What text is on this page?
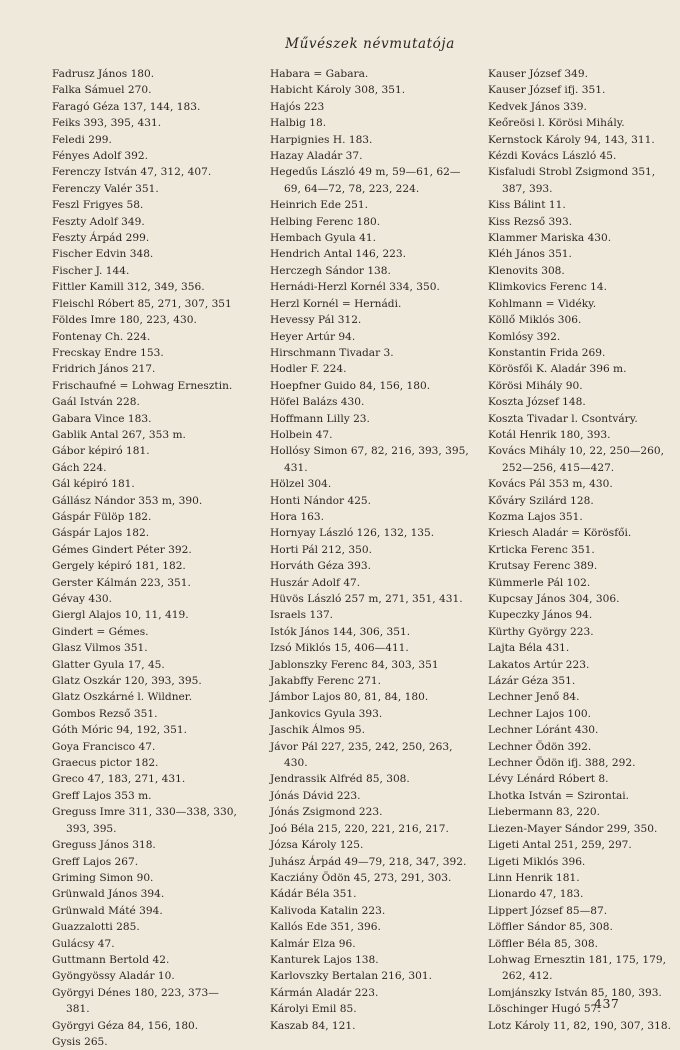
Művészek névmutatója
Fadrusz János 180.
Falka Sámuel 270.
Faragó Géza 137, 144, 183.
Feiks 393, 395, 431.
Feledi 299.
Fényes Adolf 392.
Ferenczy István 47, 312, 407.
Ferenczy Valér 351.
Feszl Frigyes 58.
Feszty Adolf 349.
Feszty Árpád 299.
Fischer Edvin 348.
Fischer J. 144.
Fittler Kamill 312, 349, 356.
Fleischl Róbert 85, 271, 307, 351
Földes Imre 180, 223, 430.
Fontenay Ch. 224.
Frecskay Endre 153.
Fridrich János 217.
Frischaufné = Lohwag Ernesztin.
Gaál István 228.
Gabara Vince 183.
Gablik Antal 267, 353 m.
Gábor képiró 181.
Gách 224.
Gál képiró 181.
Gállász Nándor 353 m, 390.
Gáspár Fülöp 182.
Gáspár Lajos 182.
Gémes Gindert Péter 392.
Gergely képiró 181, 182.
Gerster Kálmán 223, 351.
Gévay 430.
Giergl Alajos 10, 11, 419.
Gindert = Gémes.
Glasz Vilmos 351.
Glatter Gyula 17, 45.
Glatz Oszkár 120, 393, 395.
Glatz Oszkárné l. Wildner.
Gombos Rezső 351.
Góth Móric 94, 192, 351.
Goya Francisco 47.
Graecus pictor 182.
Greco 47, 183, 271, 431.
Greff Lajos 353 m.
Greguss Imre 311, 330—338, 330, 393, 395.
Greguss János 318.
Greff Lajos 267.
Griming Simon 90.
Grünwald János 394.
Grünwald Máté 394.
Guazzalotti 285.
Gulácsy 47.
Guttmann Bertold 42.
Gyöngyössy Aladár 10.
Györgyi Dénes 180, 223, 373—381.
Györgyi Géza 84, 156, 180.
Gysis 265.
Habara = Gabara.
Habicht Károly 308, 351.
Hajós 223
Halbig 18.
Harpignies H. 183.
Hazay Aladár 37.
Hegedűs László 49 m, 59—61, 62—69, 64—72, 78, 223, 224.
Heinrich Ede 251.
Helbing Ferenc 180.
Hembach Gyula 41.
Hendrich Antal 146, 223.
Herczegh Sándor 138.
Hernádi-Herzl Kornél 334, 350.
Herzl Kornél = Hernádi.
Hevessy Pál 312.
Heyer Artúr 94.
Hirschmann Tivadar 3.
Hodler F. 224.
Hoepfner Guido 84, 156, 180.
Höfel Balázs 430.
Hoffmann Lilly 23.
Holbein 47.
Hollósy Simon 67, 82, 216, 393, 395, 431.
Hölzel 304.
Honti Nándor 425.
Hora 163.
Hornyay László 126, 132, 135.
Horti Pál 212, 350.
Horváth Géza 393.
Huszár Adolf 47.
Hüvös László 257 m, 271, 351, 431.
Israels 137.
Istók János 144, 306, 351.
Izsó Miklós 15, 406—411.
Jablonszky Ferenc 84, 303, 351
Jakabffy Ferenc 271.
Jámbor Lajos 80, 81, 84, 180.
Jankovics Gyula 393.
Jaschik Álmos 95.
Jávor Pál 227, 235, 242, 250, 263, 430.
Jendrassik Alfréd 85, 308.
Jónás Dávid 223.
Jónás Zsigmond 223.
Joó Béla 215, 220, 221, 216, 217.
Józsa Károly 125.
Juhász Árpád 49—79, 218, 347, 392.
Kacziány Ödön 45, 273, 291, 303.
Kádár Béla 351.
Kalivoda Katalin 223.
Kallós Ede 351, 396.
Kalmár Elza 96.
Kanturek Lajos 138.
Karlovszky Bertalan 216, 301.
Kármán Aladár 223.
Károlyi Emil 85.
Kaszab 84, 121.
Kauser József 349.
Kauser József ifj. 351.
Kedvek János 339.
Keőreösi l. Körösi Mihály.
Kernstock Károly 94, 143, 311.
Kézdi Kovács László 45.
Kisfaludi Strobl Zsigmond 351, 387, 393.
Kiss Bálint 11.
Kiss Rezső 393.
Klammer Mariska 430.
Kléh János 351.
Klenovits 308.
Klimkovics Ferenc 14.
Kohlmann = Vidéky.
Köllő Miklós 306.
Komlósy 392.
Konstantin Frida 269.
Körösfői K. Aladár 396 m.
Körösi Mihály 90.
Koszta József 148.
Koszta Tivadar l. Csontváry.
Kotál Henrik 180, 393.
Kovács Mihály 10, 22, 250—260, 252—256, 415—427.
Kovács Pál 353 m, 430.
Kőváry Szilárd 128.
Kozma Lajos 351.
Kriesch Aladár = Körösfői.
Krticka Ferenc 351.
Krutsay Ferenc 389.
Kümmerle Pál 102.
Kupcsay János 304, 306.
Kupeczky János 94.
Kürthy György 223.
Lajta Béla 431.
Lakatos Artúr 223.
Lázár Géza 351.
Lechner Jenő 84.
Lechner Lajos 100.
Lechner Lóránt 430.
Lechner Ödön 392.
Lechner Ödön ifj. 388, 292.
Lévy Lénárd Róbert 8.
Lhotka István = Szirontai.
Liebermann 83, 220.
Liezen-Mayer Sándor 299, 350.
Ligeti Antal 251, 259, 297.
Ligeti Miklós 396.
Linn Henrik 181.
Lionardo 47, 183.
Lippert József 85—87.
Löffler Sándor 85, 308.
Löffler Béla 85, 308.
Lohwag Ernesztin 181, 175, 179, 262, 412.
Lomjánszky István 85, 180, 393.
Löschinger Hugó 57.
Lotz Károly 11, 82, 190, 307, 318.
437
